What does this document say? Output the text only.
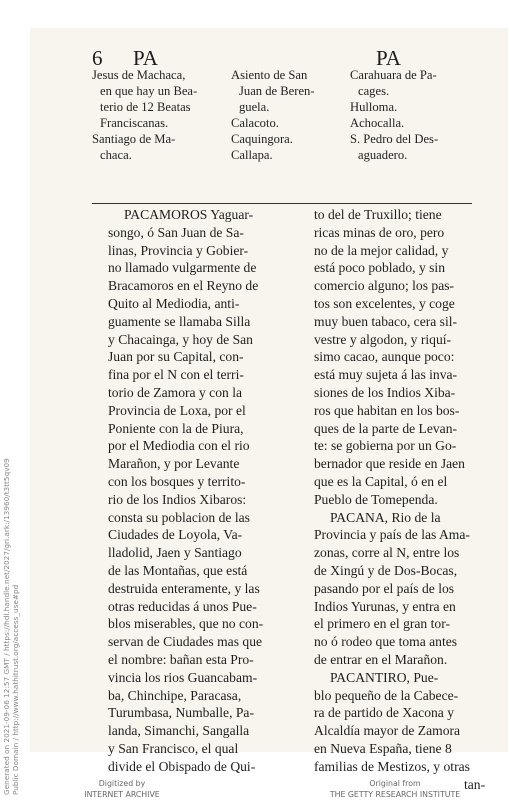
6 PA	PA
Jesus de Machaca,
en que hay un Bea-
terio de 12 Beatas
Franciscanas.
Santiago de Ma-
chaca.
Asiento de San
Juan de Beren-
guela.
Calacoto.
Caquingora.
Callapa.
Carahuara de Pa-
cages.
Hulloma.
Achocalla.
S. Pedro del Des-
aguadero.
PACAMOROS Yaguar-
songo, ó San Juan de Sa-
linas, Provincia y Gobier-
no llamado vulgarmente de
Bracamoros en el Reyno de
Quito al Mediodia, anti-
guamente se llamaba Silla
y Chacainga, y hoy de San
Juan por su Capital, con-
fina por el N con el terri-
torio de Zamora y con la
Provincia de Loxa, por el
Poniente con la de Piura,
por el Mediodia con el rio
Marañon, y por Levante
con los bosques y territo-
rio de los Indios Xibaros:
consta su poblacion de las
Ciudades de Loyola, Va-
lladolid, Jaen y Santiago
de las Montañas, que está
destruida enteramente, y las
otras reducidas á unos Pue-
blos miserables, que no con-
servan de Ciudades mas que
el nombre: bañan esta Pro-
vincia los rios Guancabam-
ba, Chinchipe, Paracasa,
Turumbasa, Numballe, Pa-
landa, Simanchi, Sangalla
y San Francisco, el qual
divide el Obispado de Qui-
to del de Truxillo; tiene
ricas minas de oro, pero
no de la mejor calidad, y
está poco poblado, y sin
comercio alguno; los pas-
tos son excelentes, y coge
muy buen tabaco, cera sil-
vestre y algodon, y riquí-
simo cacao, aunque poco:
está muy sujeta á las inva-
siones de los Indios Xiba-
ros que habitan en los bos-
ques de la parte de Levan-
te: se gobierna por un Go-
bernador que reside en Jaen
que es la Capital, ó en el
Pueblo de Tomependa.
PACANA, Rio de la
Provincia y país de las Ama-
zonas, corre al N, entre los
de Xingú y de Dos-Bocas,
pasando por el país de los
Indios Yurunas, y entra en
el primero en el gran tor-
no ó rodeo que toma antes
de entrar en el Marañon.
PACANTIRO, Pue-
blo pequeño de la Cabece-
ra de partido de Xacona y
Alcaldía mayor de Zamora
en Nueva España, tiene 8
familias de Mestizos, y otras
tan-
Digitized by
INTERNET ARCHIVE
Original from
THE GETTY RESEARCH INSTITUTE
Generated on 2021-09-06 12:57 GMT / https://hdl.handle.net/2027/gri.ark:/13960/t3tt5qv09 Public Domain / http://www.hathitrust.org/access_use#pd
